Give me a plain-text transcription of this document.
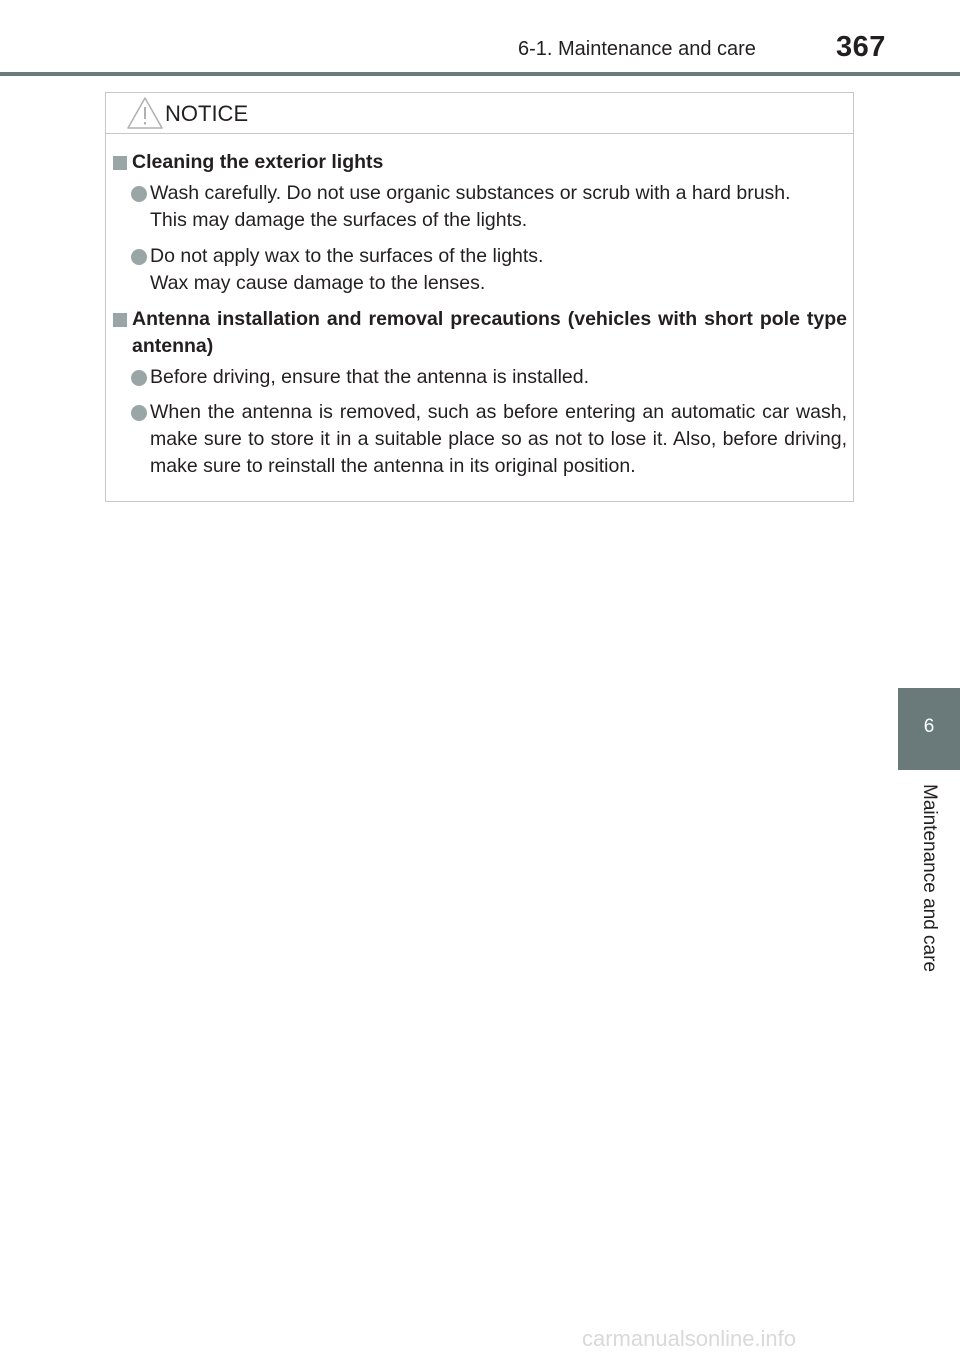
6-1. Maintenance and care	367
NOTICE
Cleaning the exterior lights
Wash carefully. Do not use organic substances or scrub with a hard brush.
This may damage the surfaces of the lights.
Do not apply wax to the surfaces of the lights.
Wax may cause damage to the lenses.
Antenna installation and removal precautions (vehicles with short pole type antenna)
Before driving, ensure that the antenna is installed.
When the antenna is removed, such as before entering an automatic car wash, make sure to store it in a suitable place so as not to lose it. Also, before driving, make sure to reinstall the antenna in its original position.
6
Maintenance and care
carmanualsonline.info
